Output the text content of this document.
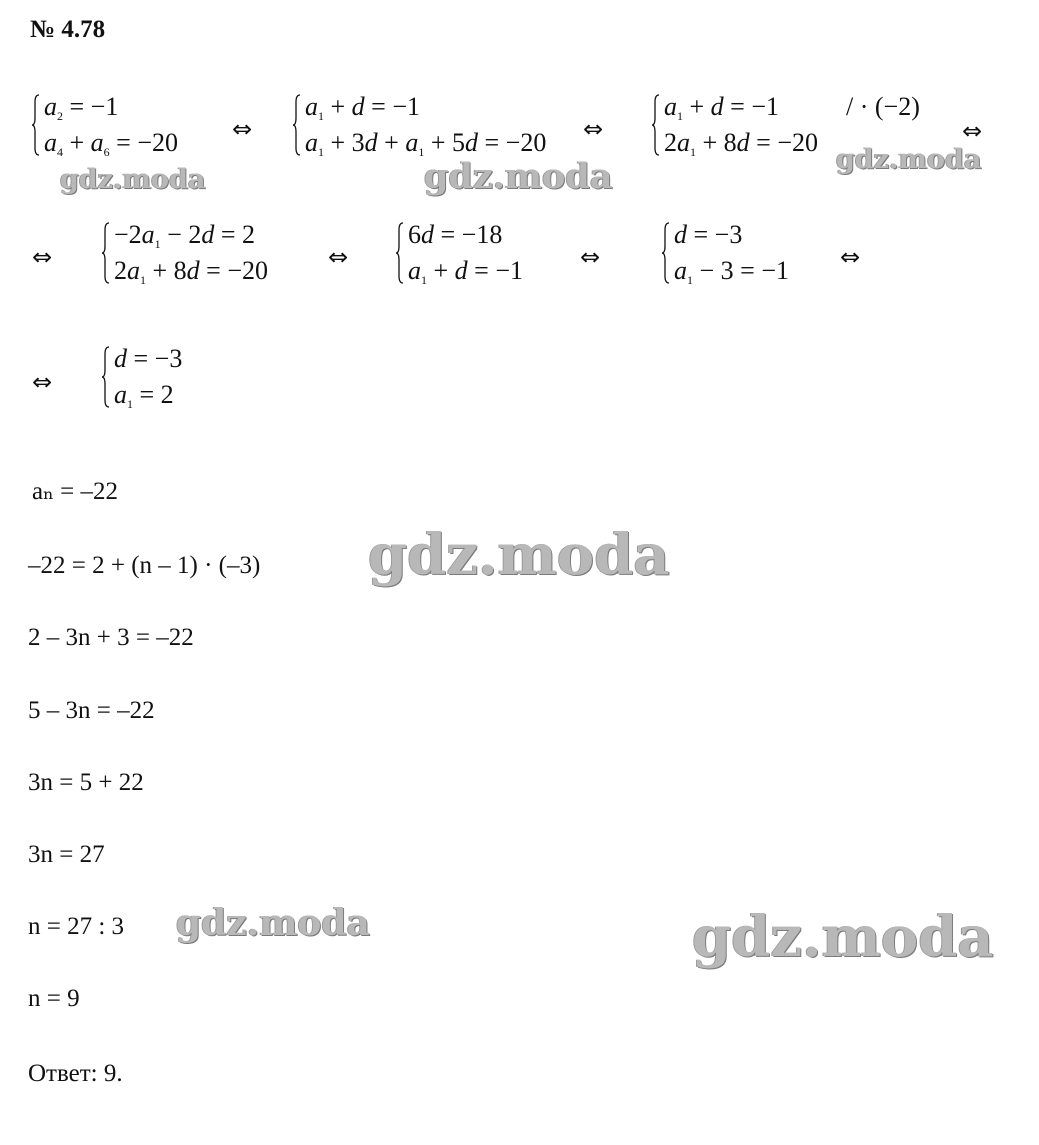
№ 4.78
$a_2 = -1$
$a_4 + a_6 = -20$ ⇔
$a_1 + d = -1$
$a_1 + 3d + a_1 + 5d = -20$ ⇔
$a_1 + d = -1$
$2a_1 + 8d = -20$
/ · (−2)
⇔
⇔
$-2a_1 - 2d = 2$
$2a_1 + 8d = -20$	⇔
6d = −18
$a_1 + d = -1$ ⇔
d = −3
$a_1 - 3 = -1$ ⇔
⇔
d = −3
$a_1 = 2$
aₙ = –22
–22 = 2 + (n – 1) · (–3)
2 – 3n + 3 = –22
5 – 3n = –22
3n = 5 + 22
3n = 27
n = 27 : 3
n = 9
Ответ: 9.
gdz.moda	gdz.moda	gdz.moda
gdz.moda
gdz.moda	gdz.moda
